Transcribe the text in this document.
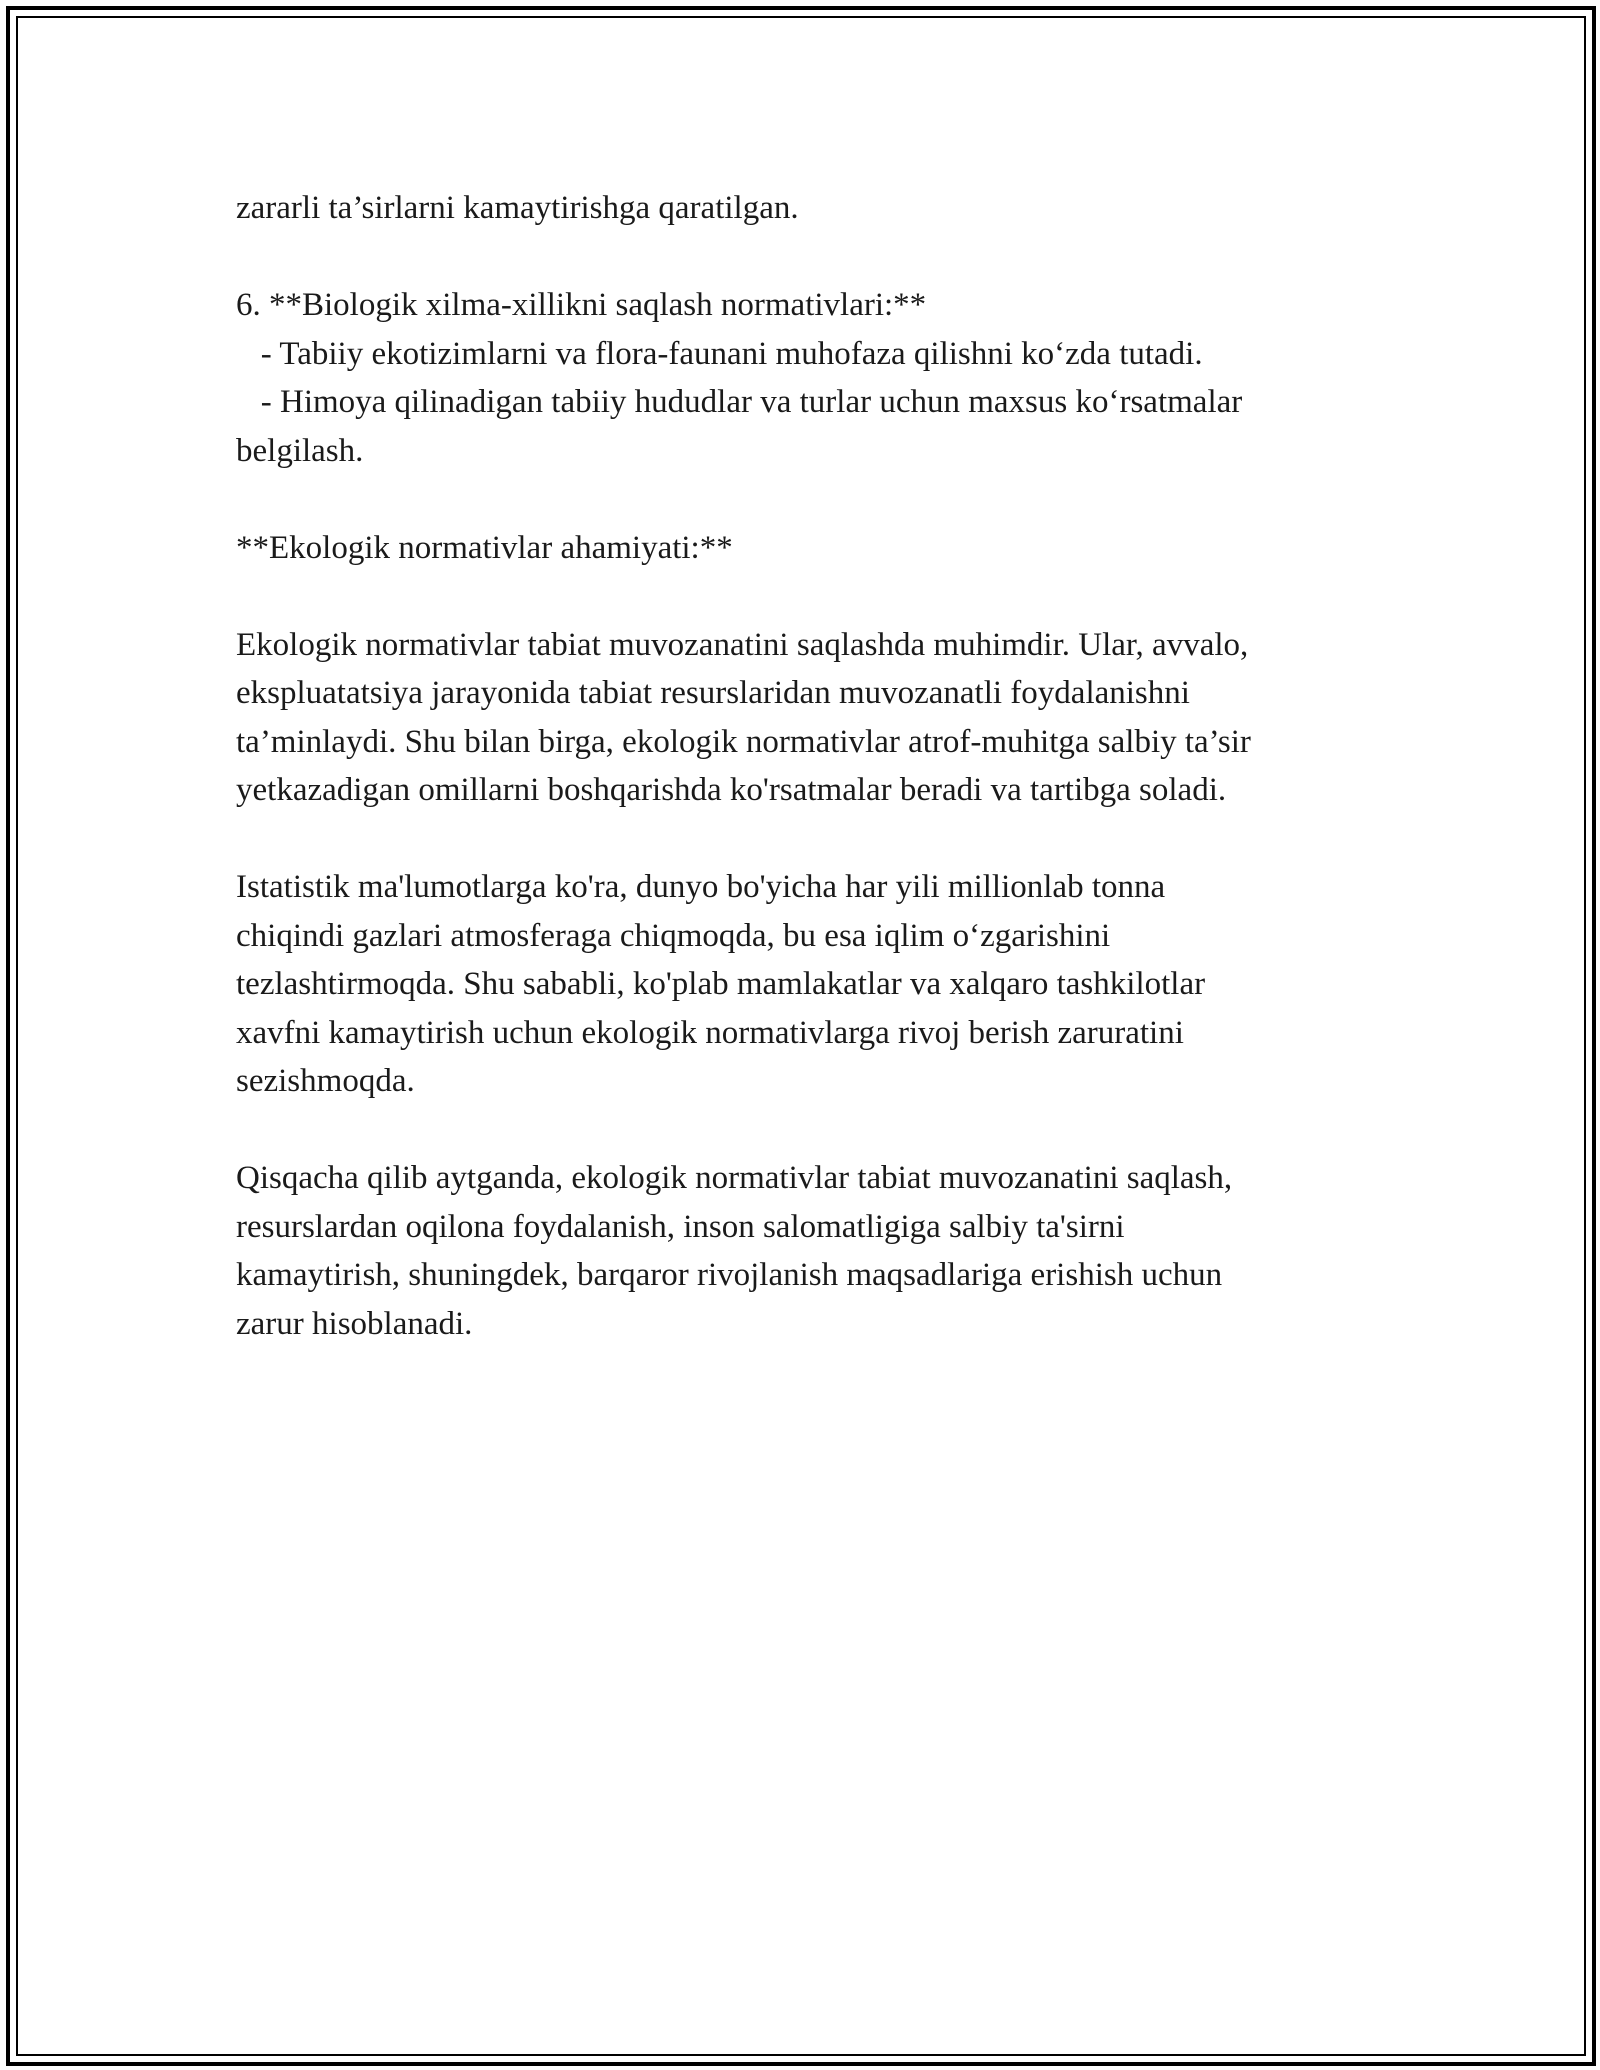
zararli ta’sirlarni kamaytirishga qaratilgan.
6. **Biologik xilma-xillikni saqlash normativlari:**
- Tabiiy ekotizimlarni va flora-faunani muhofaza qilishni ko‘zda tutadi.
- Himoya qilinadigan tabiiy hududlar va turlar uchun maxsus ko‘rsatmalar
belgilash.
**Ekologik normativlar ahamiyati:**
Ekologik normativlar tabiat muvozanatini saqlashda muhimdir. Ular, avvalo,
ekspluatatsiya jarayonida tabiat resurslaridan muvozanatli foydalanishni
ta’minlaydi. Shu bilan birga, ekologik normativlar atrof-muhitga salbiy ta’sir
yetkazadigan omillarni boshqarishda ko'rsatmalar beradi va tartibga soladi.
Istatistik ma'lumotlarga ko'ra, dunyo bo'yicha har yili millionlab tonna
chiqindi gazlari atmosferaga chiqmoqda, bu esa iqlim o‘zgarishini
tezlashtirmoqda. Shu sababli, ko'plab mamlakatlar va xalqaro tashkilotlar
xavfni kamaytirish uchun ekologik normativlarga rivoj berish zaruratini
sezishmoqda.
Qisqacha qilib aytganda, ekologik normativlar tabiat muvozanatini saqlash,
resurslardan oqilona foydalanish, inson salomatligiga salbiy ta'sirni
kamaytirish, shuningdek, barqaror rivojlanish maqsadlariga erishish uchun
zarur hisoblanadi.
